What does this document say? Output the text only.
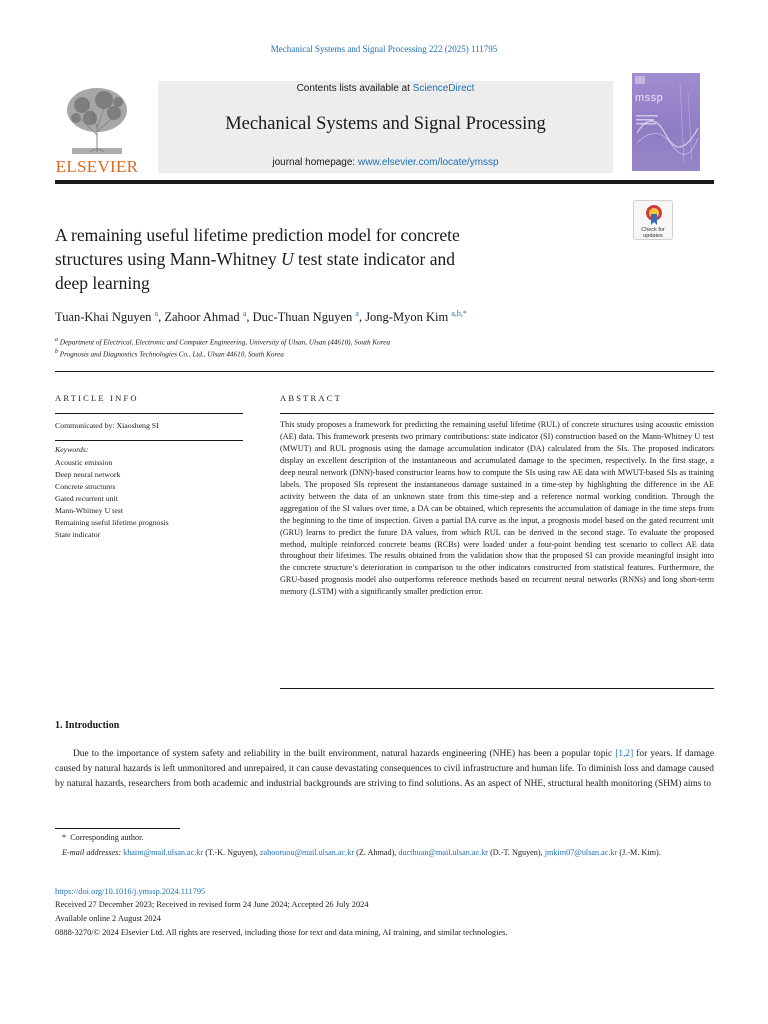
Mechanical Systems and Signal Processing 222 (2025) 111795
ELSEVIER
Contents lists available at ScienceDirect
Mechanical Systems and Signal Processing
journal homepage: www.elsevier.com/locate/ymssp
mssp
Check for
updates
A remaining useful lifetime prediction model for concrete
structures using Mann-Whitney U test state indicator and
deep learning
Tuan-Khai Nguyen $^a$, Zahoor Ahmad $^a$, Duc-Thuan Nguyen $^a$, Jong-Myon Kim $^{a,b,*}$
$^a$ Department of Electrical, Electronic and Computer Engineering, University of Ulsan, Ulsan (44610), South Korea
$^b$ Prognosis and Diagnostics Technologies Co., Ltd., Ulsan 44610, South Korea
ARTICLE INFO
Communicated by: Xiaosheng SI
Keywords:
Acoustic emission
Deep neural network
Concrete structures
Gated recurrent unit
Mann-Whitney U test
Remaining useful lifetime prognosis
State indicator
ABSTRACT
This study proposes a framework for predicting the remaining useful lifetime (RUL) of concrete structures using acoustic emission (AE) data. This framework presents two primary contributions: state indicator (SI) construction based on the Mann-Whitney U test (MWUT) and RUL prognosis using the damage accumulation indicator (DA) calculated from the SIs. The proposed indicators display an excellent description of the instantaneous and accumulated damage to the specimen, respectively. In the first stage, a deep neural network (DNN)-based constructor learns how to compute the SIs using raw AE data with MWUT-based SIs as training labels. The proposed SIs represent the instantaneous damage sustained in a time-step by highlighting the difference in the AE activity between the data of an unknown state from this time-step and a reference normal working condition. Through the aggregation of the SI values over time, a DA can be obtained, which represents the accumulation of damage in the time steps from the beginning to the time of inspection. Given a partial DA curve as the input, a prognosis model based on the gated recurrent unit (GRU) learns to predict the future DA values, from which RUL can be derived in the second stage. To evaluate the proposed method, multiple reinforced concrete beams (RCBs) were loaded under a four-point bending test scenario to collect AE data throughout their lifetimes. The results obtained from the validation show that the proposed SI can provide meaningful insight into the concrete structure’s deterioration in comparison to the other indicators constructed from statistical features. Furthermore, the GRU-based prognosis model also outperforms reference methods based on recurrent neural networks (RNNs) and long short-term memory (LSTM) with a significantly smaller prediction error.
1. Introduction
Due to the importance of system safety and reliability in the built environment, natural hazards engineering (NHE) has been a popular topic [1,2] for years. If damage caused by natural hazards is left unmonitored and unrepaired, it can cause devastating consequences to civil infrastructure and human life. To diminish loss and damage caused by natural hazards, researchers from both academic and industrial backgrounds are striving to find solutions. As an aspect of NHE, structural health monitoring (SHM) aims to
* Corresponding author.
E-mail addresses: khaint@mail.ulsan.ac.kr (T.-K. Nguyen), zahooruou@mail.ulsan.ac.kr (Z. Ahmad), ducthuan@mail.ulsan.ac.kr (D.-T. Nguyen), jmkim07@ulsan.ac.kr (J.-M. Kim).
https://doi.org/10.1016/j.ymssp.2024.111795
Received 27 December 2023; Received in revised form 24 June 2024; Accepted 26 July 2024
Available online 2 August 2024
0888-3270/© 2024 Elsevier Ltd. All rights are reserved, including those for text and data mining, AI training, and similar technologies.
